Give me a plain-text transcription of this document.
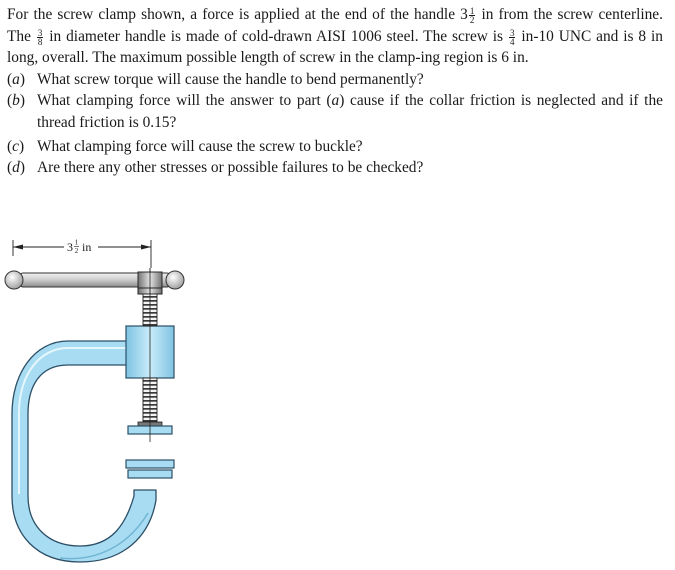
For the screw clamp shown, a force is applied at the end of the handle $3 \frac{1}{2}$ in from the screw centerline. The $\frac{3}{8}$ in diameter handle is made of cold-drawn AISI 1006 steel. The screw is $\frac{3}{4} in-10$ UNC and is 8 in long, overall. The maximum possible length of screw in the clamp-ing region is 6 in.

(a) What screw torque will cause the handle to bend permanently?
(b) What clamping force will the answer to part (a) cause if the collar friction is neglected and if the thread friction is 0.15?
(c) What clamping force will cause the screw to buckle?
(d) Are there any other stresses or possible failures to be checked?
3 1
2 in
